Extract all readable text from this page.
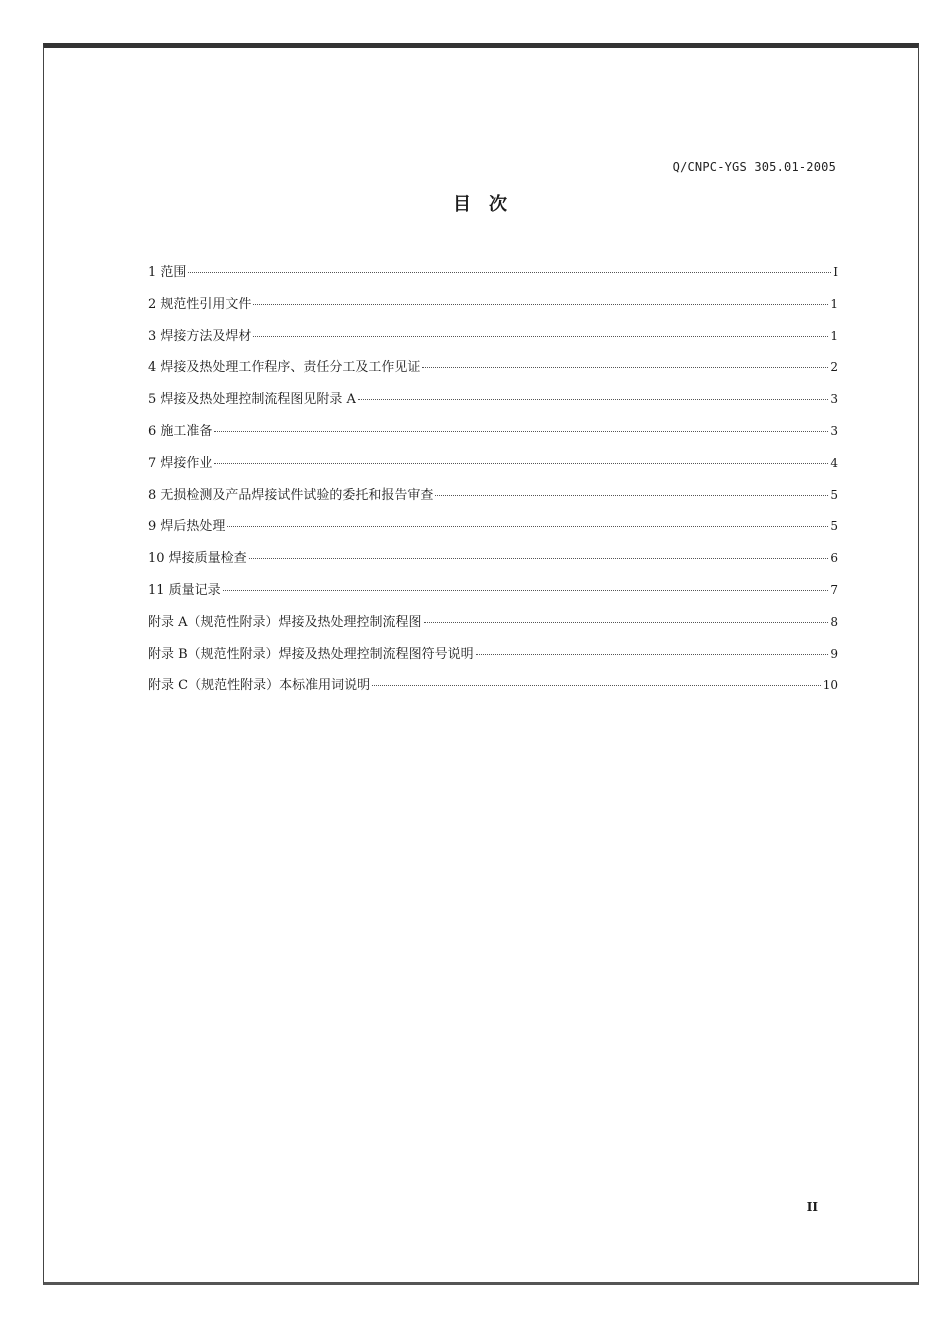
Q/CNPC-YGS 305.01-2005
目次
1 范围	I
2 规范性引用文件	1
3 焊接方法及焊材	1
4 焊接及热处理工作程序、责任分工及工作见证	2
5 焊接及热处理控制流程图见附录 A	3
6 施工准备	3
7 焊接作业	4
8 无损检测及产品焊接试件试验的委托和报告审查	5
9 焊后热处理	5
10 焊接质量检查	6
11 质量记录	7
附录 A（规范性附录）焊接及热处理控制流程图	8
附录 B（规范性附录）焊接及热处理控制流程图符号说明	9
附录 C（规范性附录）本标准用词说明	10
II
